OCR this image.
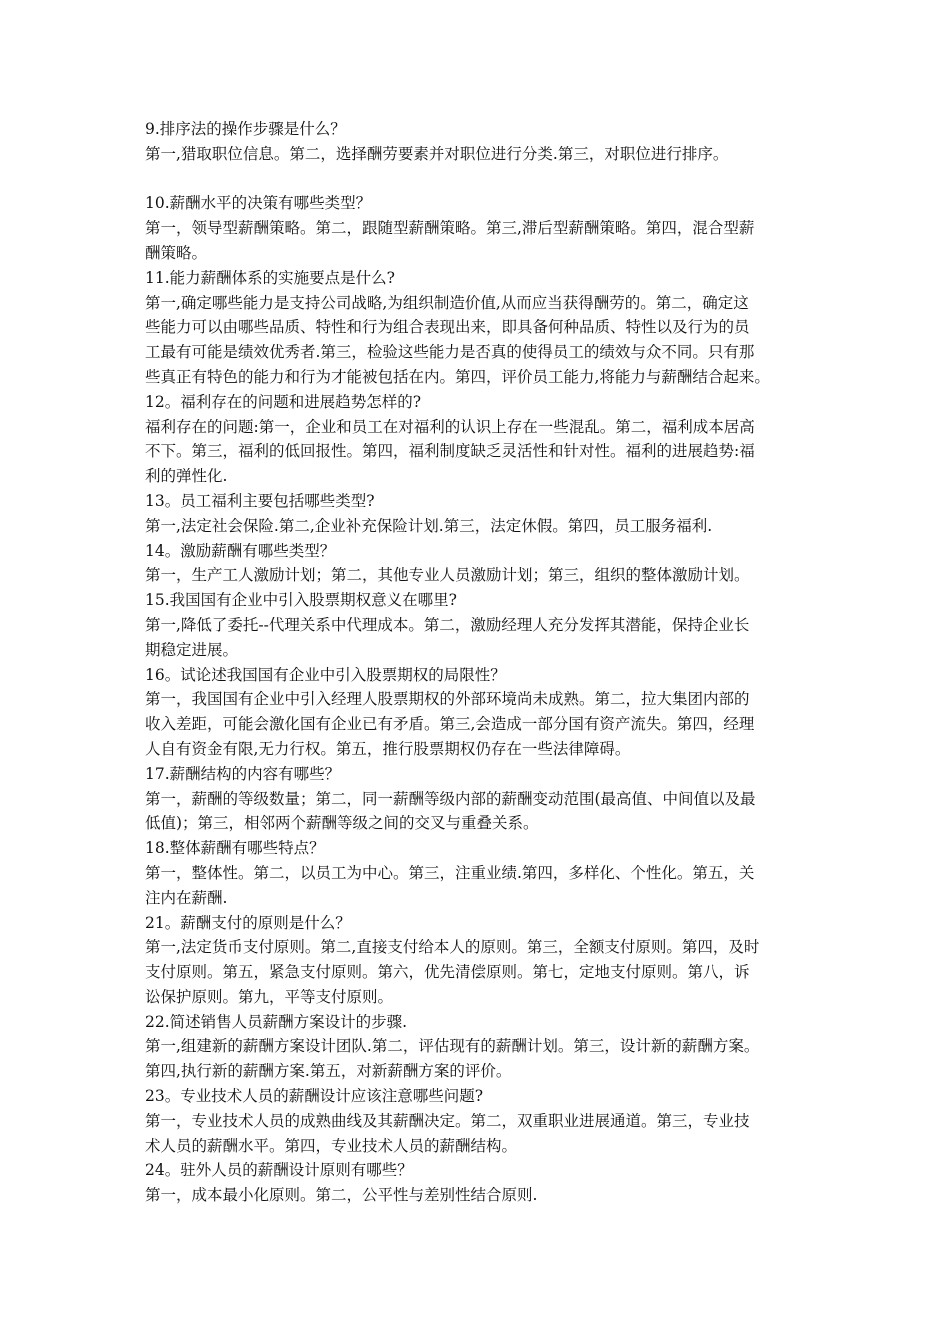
9.排序法的操作步骤是什么？
第一,猎取职位信息。第二，选择酬劳要素并对职位进行分类.第三，对职位进行排序。
10.薪酬水平的决策有哪些类型？
第一，领导型薪酬策略。第二，跟随型薪酬策略。第三,滞后型薪酬策略。第四，混合型薪
酬策略。
11.能力薪酬体系的实施要点是什么?
第一,确定哪些能力是支持公司战略,为组织制造价值,从而应当获得酬劳的。第二，确定这
些能力可以由哪些品质、特性和行为组合表现出来，即具备何种品质、特性以及行为的员
工最有可能是绩效优秀者.第三，检验这些能力是否真的使得员工的绩效与众不同。只有那
些真正有特色的能力和行为才能被包括在内。第四，评价员工能力,将能力与薪酬结合起来。
12。福利存在的问题和进展趋势怎样的?
福利存在的问题:第一，企业和员工在对福利的认识上存在一些混乱。第二，福利成本居高
不下。第三，福利的低回报性。第四，福利制度缺乏灵活性和针对性。福利的进展趋势:福
利的弹性化.
13。员工福利主要包括哪些类型?
第一,法定社会保险.第二,企业补充保险计划.第三，法定休假。第四，员工服务福利.
14。激励薪酬有哪些类型？
第一，生产工人激励计划；第二，其他专业人员激励计划；第三，组织的整体激励计划。
15.我国国有企业中引入股票期权意义在哪里?
第一,降低了委托--代理关系中代理成本。第二，激励经理人充分发挥其潜能，保持企业长
期稳定进展。
16。试论述我国国有企业中引入股票期权的局限性？
第一，我国国有企业中引入经理人股票期权的外部环境尚未成熟。第二，拉大集团内部的
收入差距，可能会激化国有企业已有矛盾。第三,会造成一部分国有资产流失。第四，经理
人自有资金有限,无力行权。第五，推行股票期权仍存在一些法律障碍。
17.薪酬结构的内容有哪些？
第一，薪酬的等级数量；第二，同一薪酬等级内部的薪酬变动范围(最高值、中间值以及最
低值)；第三，相邻两个薪酬等级之间的交叉与重叠关系。
18.整体薪酬有哪些特点？
第一，整体性。第二，以员工为中心。第三，注重业绩.第四，多样化、个性化。第五，关
注内在薪酬.
21。薪酬支付的原则是什么？
第一,法定货币支付原则。第二,直接支付给本人的原则。第三，全额支付原则。第四，及时
支付原则。第五，紧急支付原则。第六，优先清偿原则。第七，定地支付原则。第八，诉
讼保护原则。第九，平等支付原则。
22.简述销售人员薪酬方案设计的步骤.
第一,组建新的薪酬方案设计团队.第二，评估现有的薪酬计划。第三，设计新的薪酬方案。
第四,执行新的薪酬方案.第五，对新薪酬方案的评价。
23。专业技术人员的薪酬设计应该注意哪些问题?
第一，专业技术人员的成熟曲线及其薪酬决定。第二，双重职业进展通道。第三，专业技
术人员的薪酬水平。第四，专业技术人员的薪酬结构。
24。驻外人员的薪酬设计原则有哪些？
第一，成本最小化原则。第二，公平性与差别性结合原则.
